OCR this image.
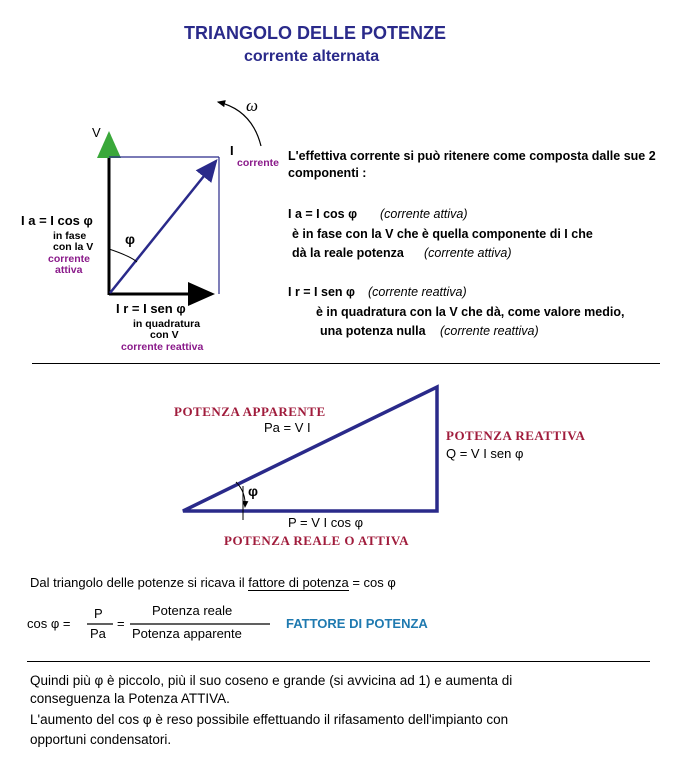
TRIANGOLO DELLE POTENZE
corrente alternata
ω
V
I
corrente
φ
I a = I cos φ
in fase
con la V
corrente
attiva
I r = I sen φ
in quadratura
con V
corrente reattiva
L'effettiva corrente si può ritenere come composta dalle sue 2
componenti :
I a = I cos φ (corrente attiva)
è in fase con la V che è quella componente di I che
dà la reale potenza (corrente attiva)
I r = I sen φ (corrente reattiva)
è in quadratura con la V che dà, come valore medio,
una potenza nulla (corrente reattiva)
POTENZA APPARENTE
Pa = V I
POTENZA REATTIVA
Q = V I sen φ
φ
P = V I cos φ
POTENZA REALE O ATTIVA
Dal triangolo delle potenze si ricava il fattore di potenza = cos φ
cos φ =
P
Pa
=
Potenza reale
Potenza apparente
FATTORE DI POTENZA
Quindi più φ è piccolo, più il suo coseno e grande (si avvicina ad 1) e aumenta di
conseguenza la Potenza ATTIVA.
L'aumento del cos φ è reso possibile effettuando il rifasamento dell'impianto con
opportuni condensatori.
